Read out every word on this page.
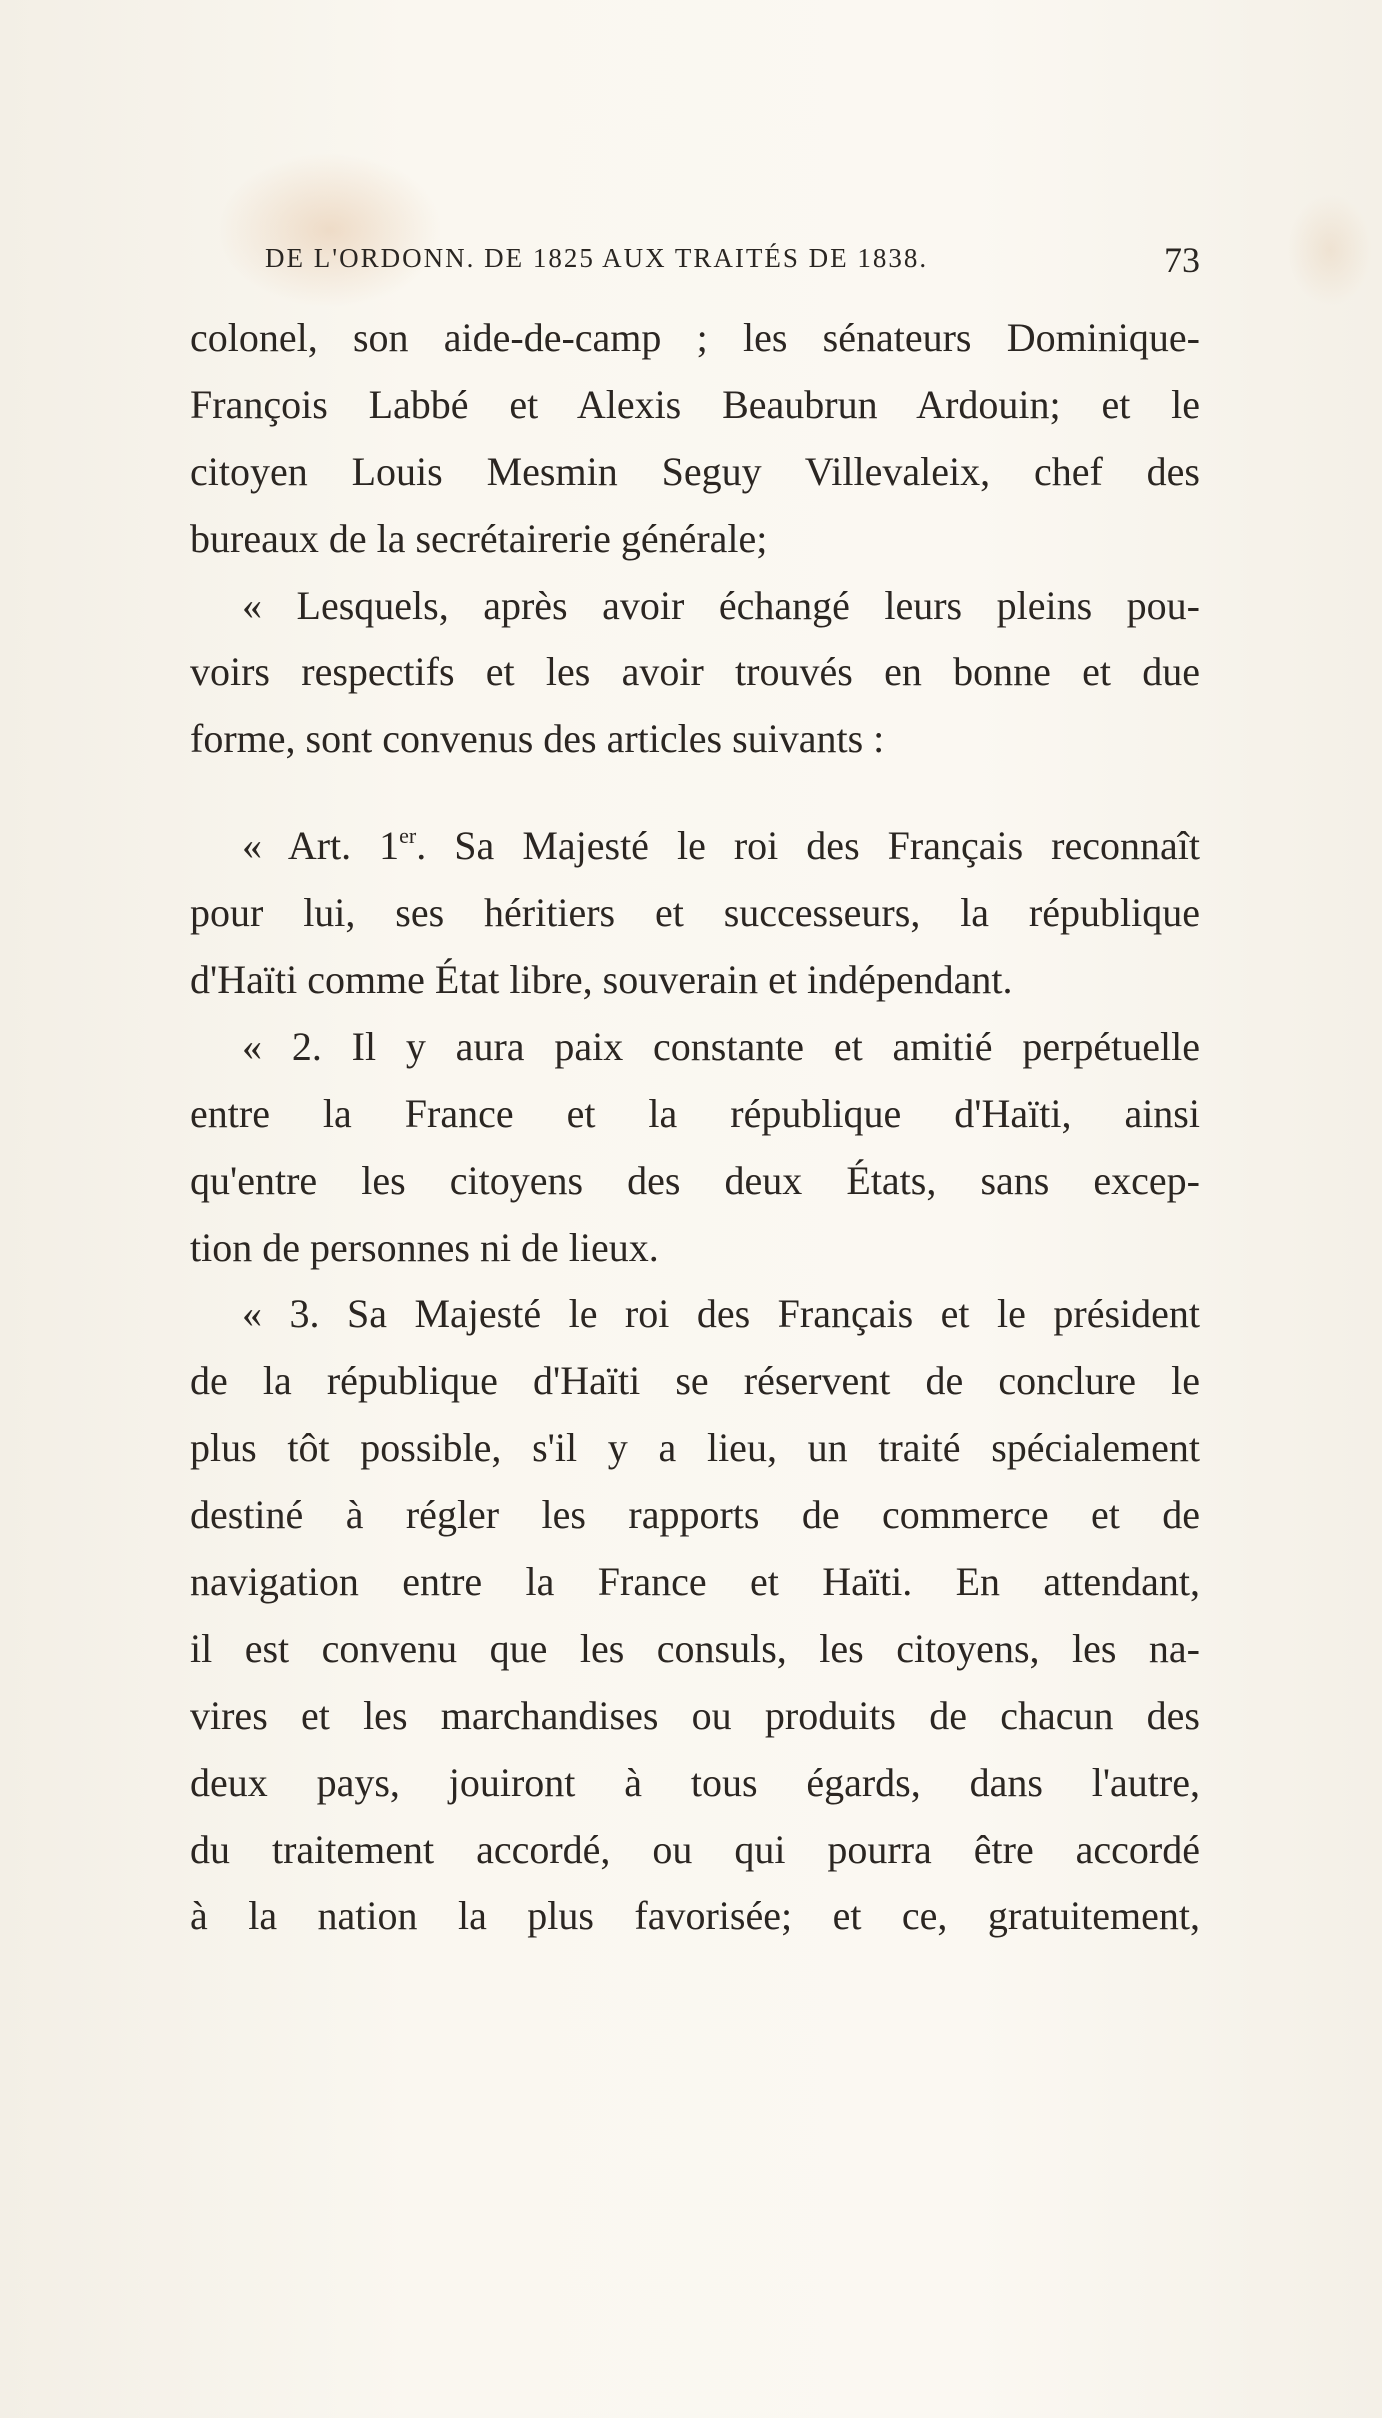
DE L'ORDONN. DE 1825 AUX TRAITÉS DE 1838.	73
colonel, son aide-de-camp ; les sénateurs Dominique-
François Labbé et Alexis Beaubrun Ardouin; et le
citoyen Louis Mesmin Seguy Villevaleix, chef des
bureaux de la secrétairerie générale;
« Lesquels, après avoir échangé leurs pleins pou-
voirs respectifs et les avoir trouvés en bonne et due
forme, sont convenus des articles suivants :
« Art. 1er. Sa Majesté le roi des Français reconnaît
pour lui, ses héritiers et successeurs, la république
d'Haïti comme État libre, souverain et indépendant.
« 2. Il y aura paix constante et amitié perpétuelle
entre la France et la république d'Haïti, ainsi
qu'entre les citoyens des deux États, sans excep-
tion de personnes ni de lieux.
« 3. Sa Majesté le roi des Français et le président
de la république d'Haïti se réservent de conclure le
plus tôt possible, s'il y a lieu, un traité spécialement
destiné à régler les rapports de commerce et de
navigation entre la France et Haïti. En attendant,
il est convenu que les consuls, les citoyens, les na-
vires et les marchandises ou produits de chacun des
deux pays, jouiront à tous égards, dans l'autre,
du traitement accordé, ou qui pourra être accordé
à la nation la plus favorisée; et ce, gratuitement,
